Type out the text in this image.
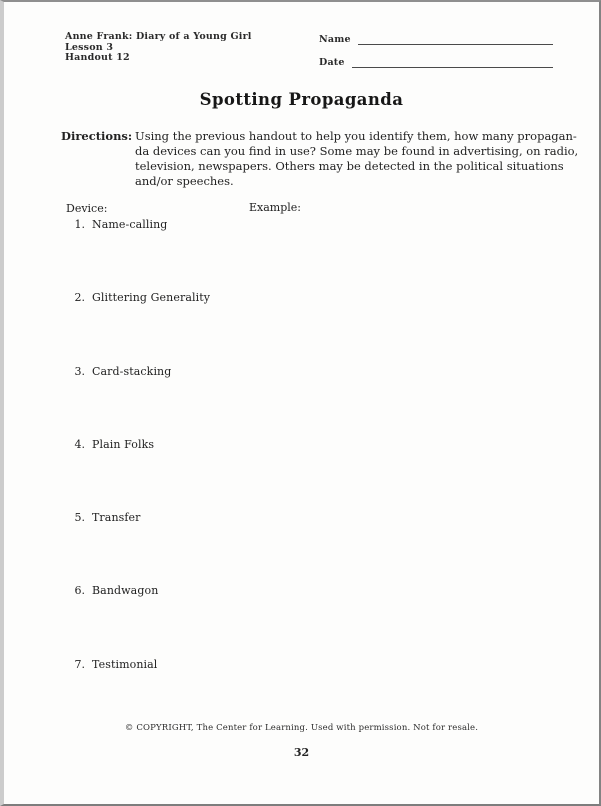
Anne Frank: Diary of a Young Girl
Lesson 3
Handout 12
Name
Date
Spotting Propaganda
Directions: Using the previous handout to help you identify them, how many propagan-
da devices can you find in use? Some may be found in advertising, on radio,
television, newspapers. Others may be detected in the political situations
and/or speeches.
Device:	Example:
1. Name-calling
2. Glittering Generality
3. Card-stacking
4. Plain Folks
5. Transfer
6. Bandwagon
7. Testimonial
© COPYRIGHT, The Center for Learning. Used with permission. Not for resale.
32
